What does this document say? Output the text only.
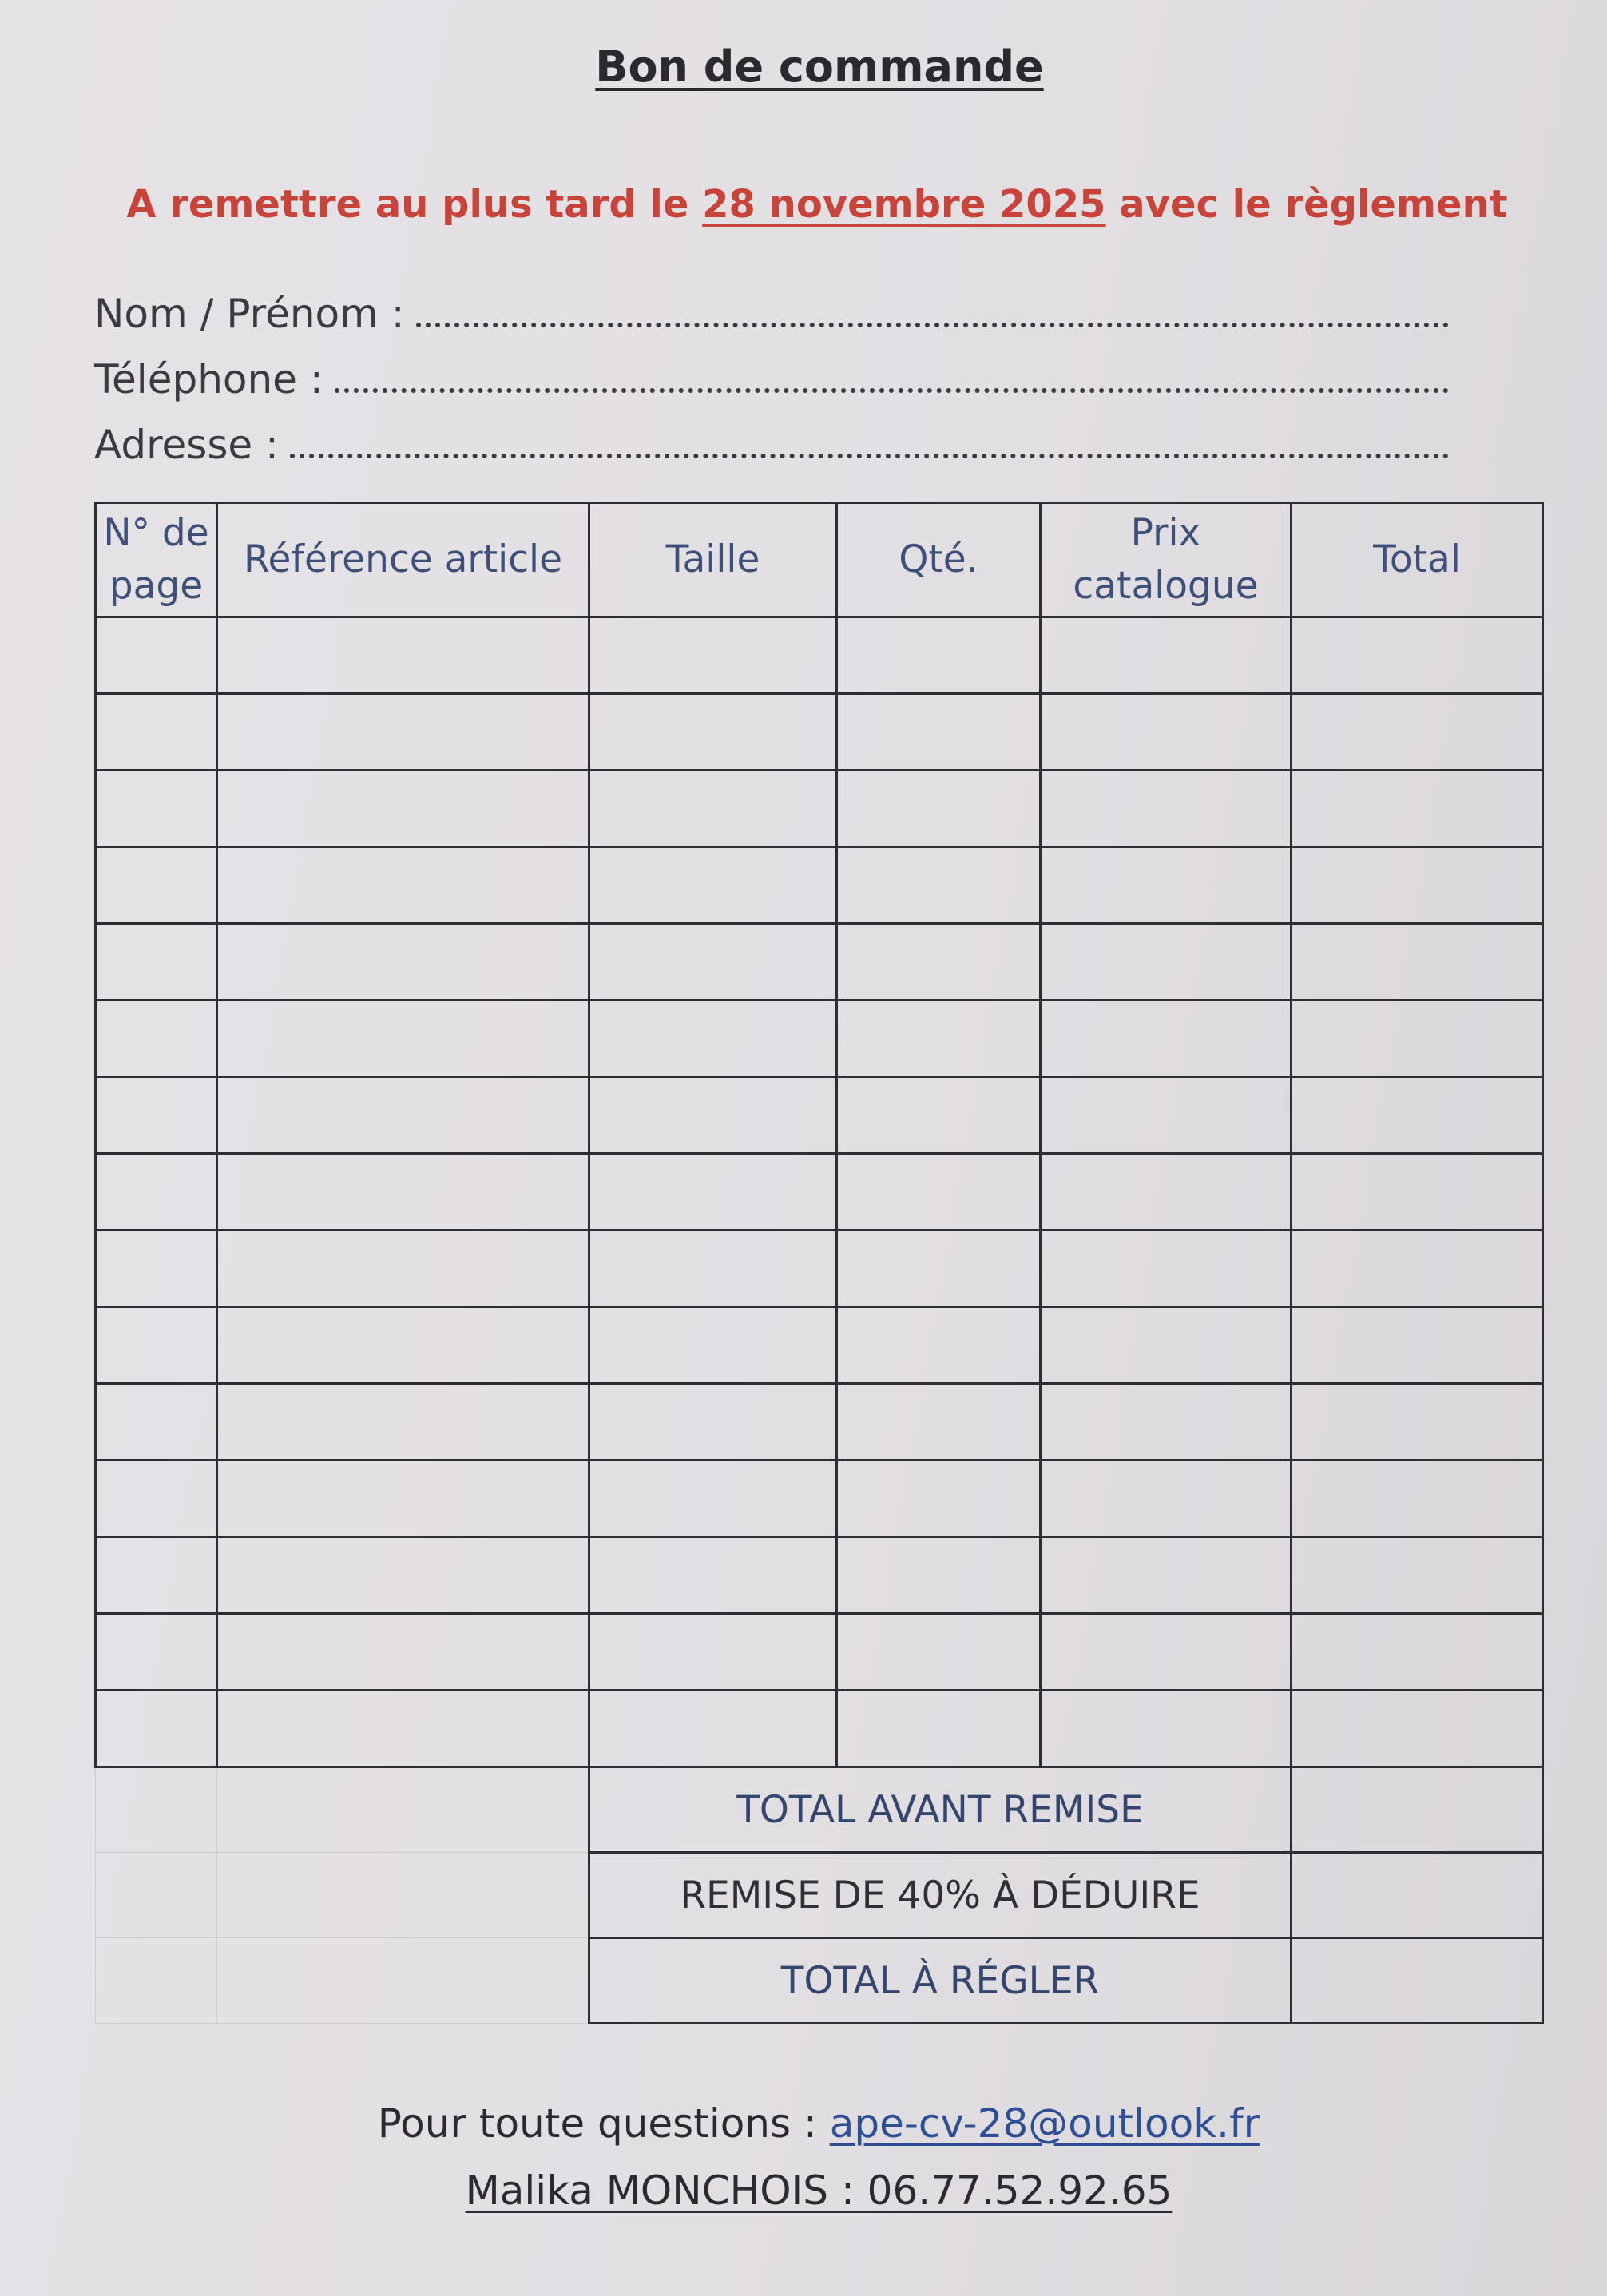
Bon de commande
A remettre au plus tard le 28 novembre 2025 avec le règlement
Nom / Prénom :
Téléphone :
Adresse :
N° de page	Référence article	Taille	Qté.	Prix catalogue	Total

		TOTAL AVANT REMISE			
		REMISE DE 40% À DÉDUIRE			
		TOTAL À RÉGLER			
Pour toute questions : ape-cv-28@outlook.fr
Malika MONCHOIS : 06.77.52.92.65
